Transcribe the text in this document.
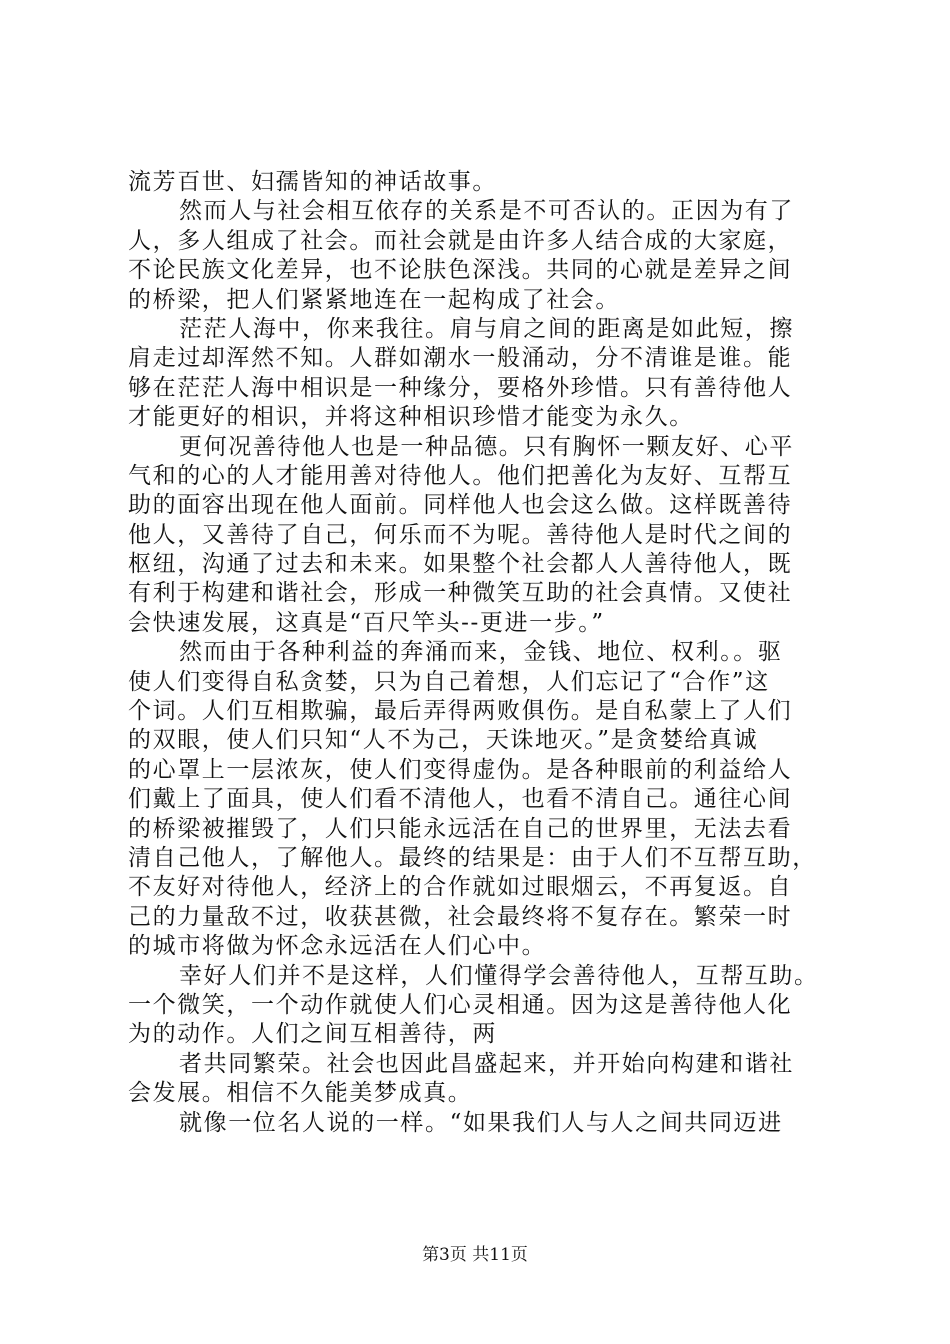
流芳百世、妇孺皆知的神话故事。
然而人与社会相互依存的关系是不可否认的。正因为有了
人，多人组成了社会。而社会就是由许多人结合成的大家庭，
不论民族文化差异，也不论肤色深浅。共同的心就是差异之间
的桥梁，把人们紧紧地连在一起构成了社会。
茫茫人海中，你来我往。肩与肩之间的距离是如此短，擦
肩走过却浑然不知。人群如潮水一般涌动，分不清谁是谁。能
够在茫茫人海中相识是一种缘分，要格外珍惜。只有善待他人
才能更好的相识，并将这种相识珍惜才能变为永久。
更何况善待他人也是一种品德。只有胸怀一颗友好、心平
气和的心的人才能用善对待他人。他们把善化为友好、互帮互
助的面容出现在他人面前。同样他人也会这么做。这样既善待
他人，又善待了自己，何乐而不为呢。善待他人是时代之间的
枢纽，沟通了过去和未来。如果整个社会都人人善待他人，既
有利于构建和谐社会，形成一种微笑互助的社会真情。又使社
会快速发展，这真是“百尺竿头--更进一步。”
然而由于各种利益的奔涌而来，金钱、地位、权利。。驱
使人们变得自私贪婪，只为自己着想，人们忘记了“合作”这
个词。人们互相欺骗，最后弄得两败俱伤。是自私蒙上了人们
的双眼，使人们只知“人不为己，天诛地灭。”是贪婪给真诚
的心罩上一层浓灰，使人们变得虚伪。是各种眼前的利益给人
们戴上了面具，使人们看不清他人，也看不清自己。通往心间
的桥梁被摧毁了，人们只能永远活在自己的世界里，无法去看
清自己他人，了解他人。最终的结果是：由于人们不互帮互助，
不友好对待他人，经济上的合作就如过眼烟云，不再复返。自
己的力量敌不过，收获甚微，社会最终将不复存在。繁荣一时
的城市将做为怀念永远活在人们心中。
幸好人们并不是这样，人们懂得学会善待他人，互帮互助。
一个微笑，一个动作就使人们心灵相通。因为这是善待他人化
为的动作。人们之间互相善待，两
者共同繁荣。社会也因此昌盛起来，并开始向构建和谐社
会发展。相信不久能美梦成真。
就像一位名人说的一样。“如果我们人与人之间共同迈进
第3页 共11页
